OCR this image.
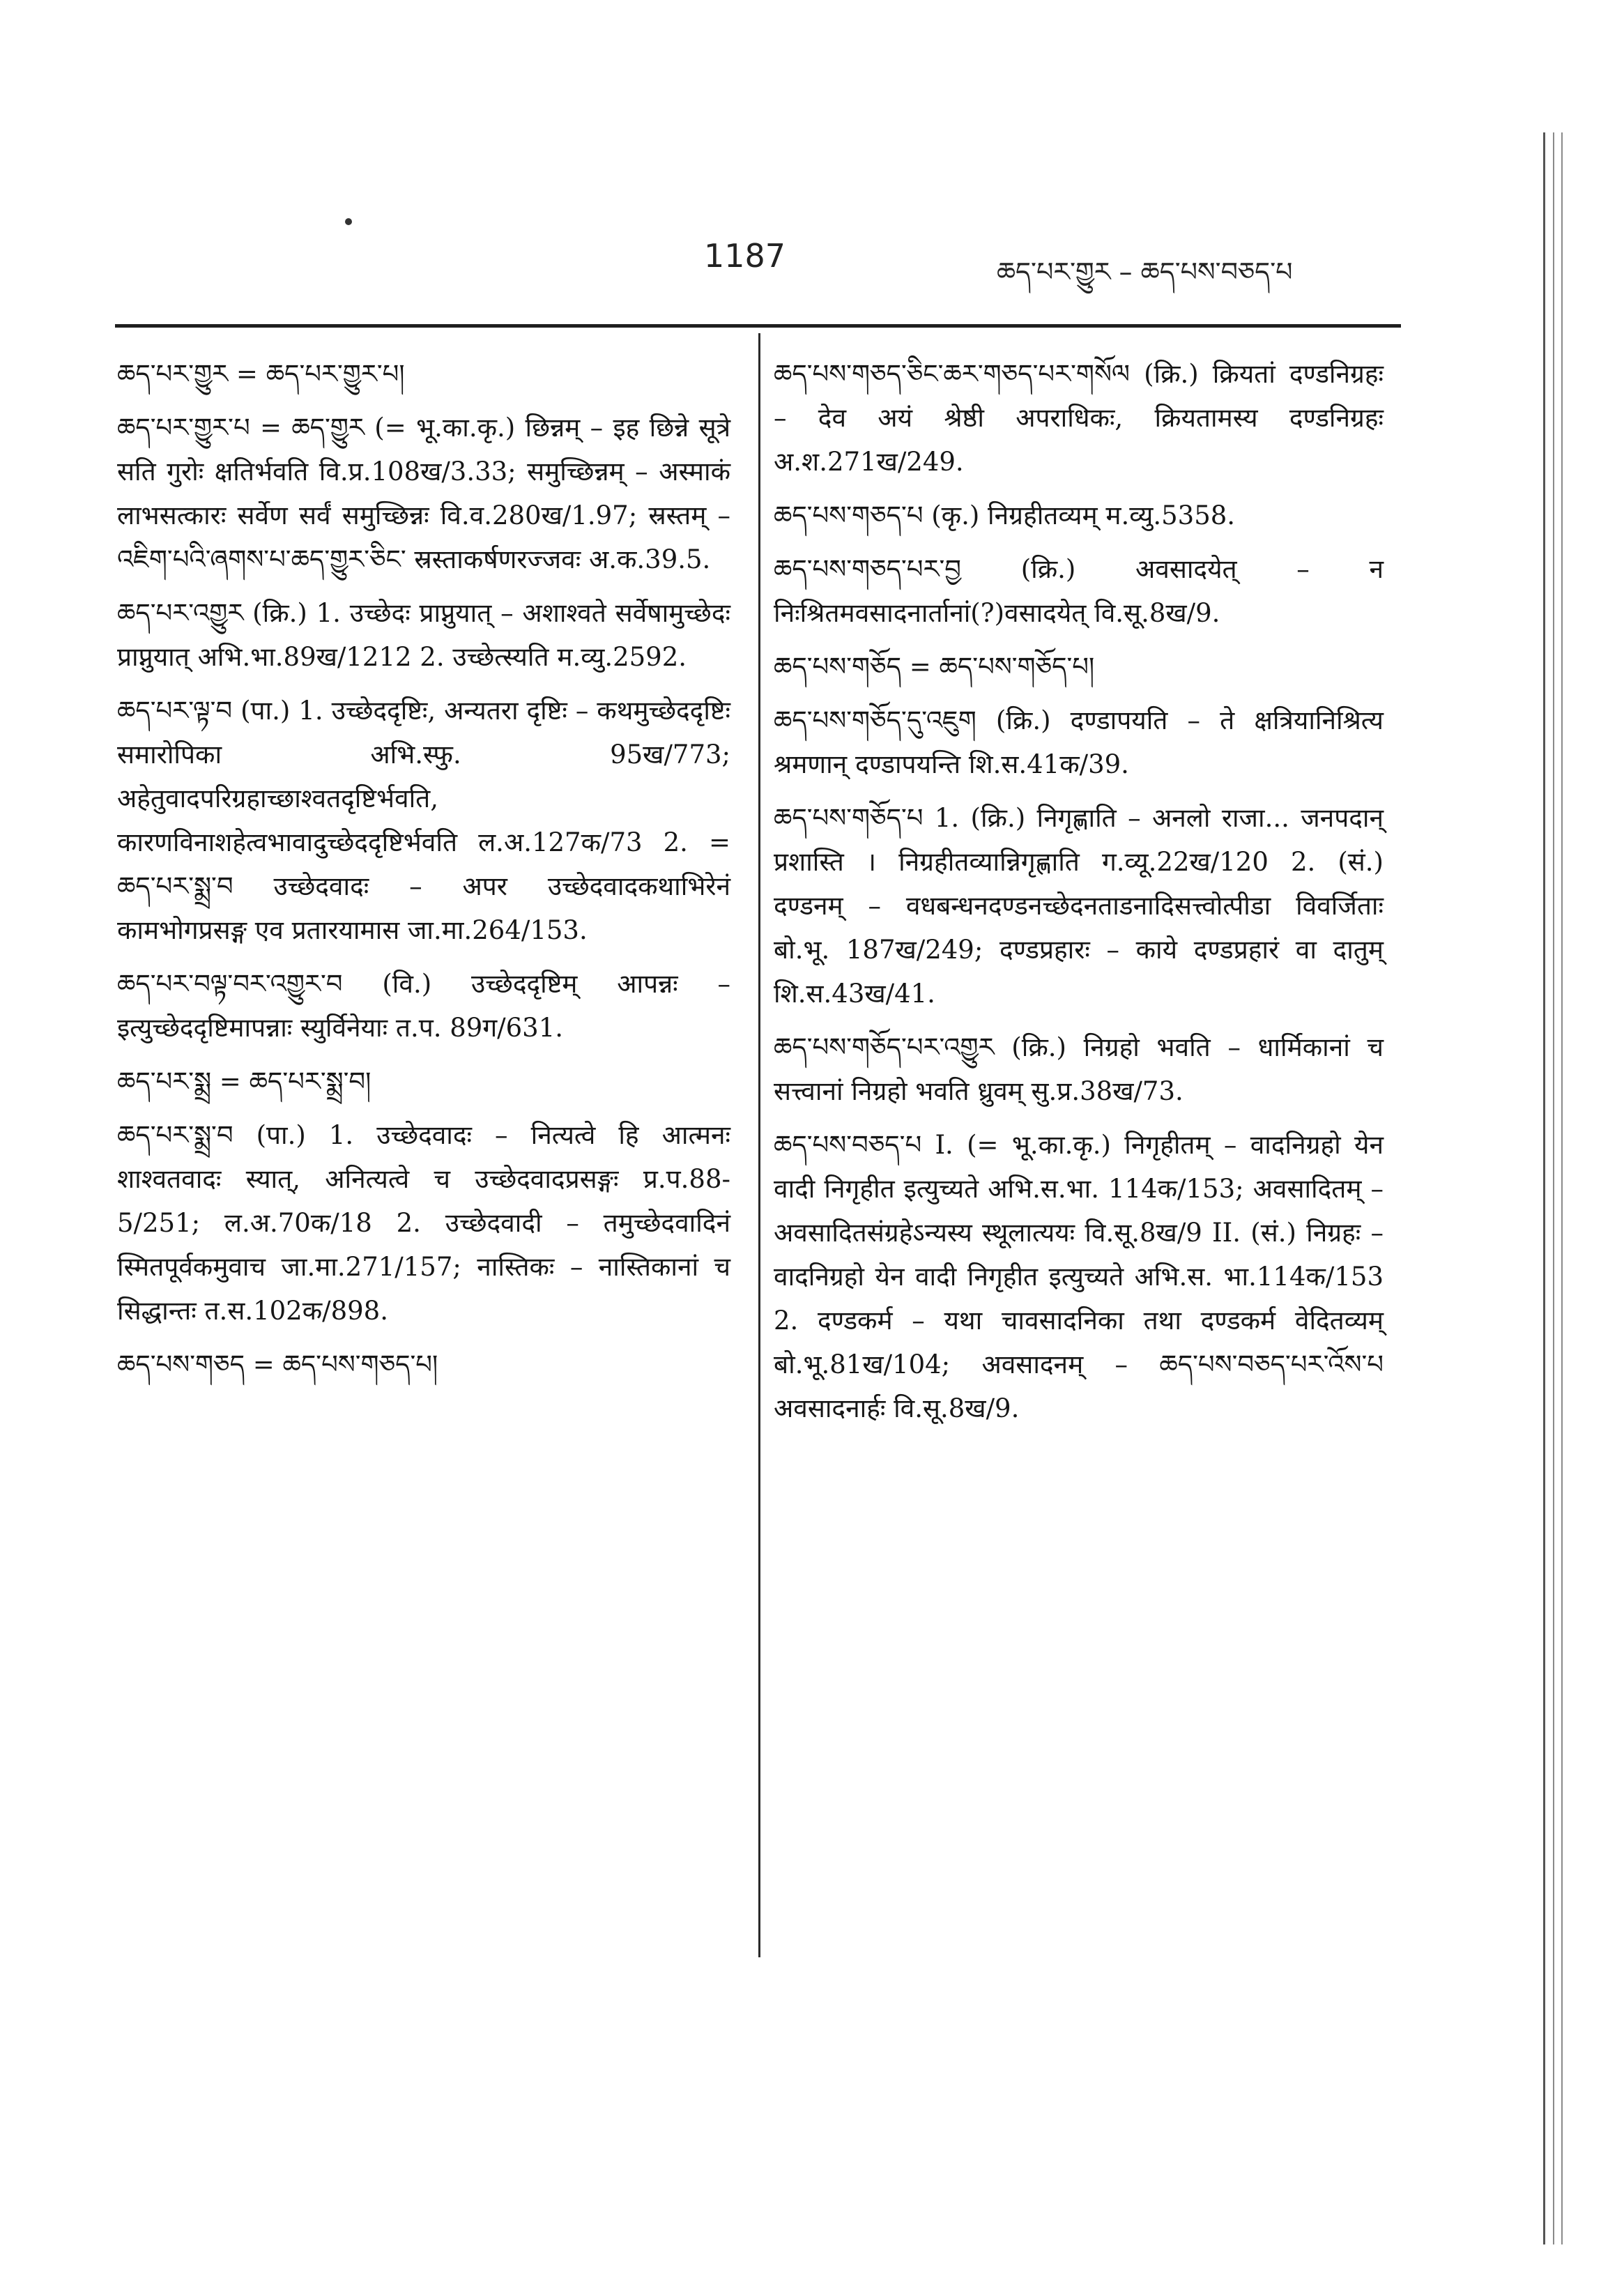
1187	ཆད་པར་གྱུར – ཆད་པས་བཅད་པ

ཆད་པར་གྱུར = ཆད་པར་གྱུར་པ།

ཆད་པར་གྱུར་པ = ཆད་གྱུར (= भू.का.कृ.) छिन्नम् – इह छिन्ने सूत्रे सति गुरोः क्षतिर्भवति वि.प्र.108ख/3.33; समुच्छिन्नम् – अस्माकं लाभसत्कारः सर्वेण सर्वं समुच्छिन्नः वि.व.280ख/1.97; स्रस्तम् – འཇིག་པའི་ཞགས་པ་ཆད་གྱུར་ཅིང་ स्रस्ताकर्षणरज्जवः अ.क.39.5.

ཆད་པར་འགྱུར (क्रि.) 1. उच्छेदः प्राप्नुयात् – अशाश्वते सर्वेषामुच्छेदः प्राप्नुयात् अभि.भा.89ख/1212 2. उच्छेत्स्यति म.व्यु.2592.

ཆད་པར་ལྟ་བ (पा.) 1. उच्छेददृष्टिः, अन्यतरा दृष्टिः – कथमुच्छेददृष्टिः समारोपिका अभि.स्फु. 95ख/773; अहेतुवादपरिग्रहाच्छाश्वतदृष्टिर्भवति, कारणविनाशहेत्वभावादुच्छेददृष्टिर्भवति ल.अ.127क/73 2. = ཆད་པར་སྨྲ་བ उच्छेदवादः – अपर उच्छेदवादकथाभिरेनं कामभोगप्रसङ्ग एव प्रतारयामास जा.मा.264/153.

ཆད་པར་བལྟ་བར་འགྱུར་བ (वि.) उच्छेददृष्टिम् आपन्नः – इत्युच्छेददृष्टिमापन्नाः स्युर्विनेयाः त.प. 89ग/631.

ཆད་པར་སྨྲ = ཆད་པར་སྨྲ་བ།

ཆད་པར་སྨྲ་བ (पा.) 1. उच्छेदवादः – नित्यत्वे हि आत्मनः शाश्वतवादः स्यात्, अनित्यत्वे च उच्छेदवादप्रसङ्गः प्र.प.88-5/251; ल.अ.70क/18 2. उच्छेदवादी – तमुच्छेदवादिनं स्मितपूर्वकमुवाच जा.मा.271/157; नास्तिकः – नास्तिकानां च सिद्धान्तः त.स.102क/898.

ཆད་པས་གཅད = ཆད་པས་གཅད་པ།

ཆད་པས་གཅད་ཅིང་ཆར་གཅད་པར་གསོལ (क्रि.) क्रियतां दण्डनिग्रहः – देव अयं श्रेष्ठी अपराधिकः, क्रियतामस्य दण्डनिग्रहः अ.श.271ख/249.

ཆད་པས་གཅད་པ (कृ.) निग्रहीतव्यम् म.व्यु.5358.

ཆད་པས་གཅད་པར་བྱ (क्रि.) अवसादयेत् – न निःश्रितमवसादनार्तानां(?)वसादयेत् वि.सू.8ख/9.

ཆད་པས་གཅོད = ཆད་པས་གཅོད་པ།

ཆད་པས་གཅོད་དུ་འཇུག (क्रि.) दण्डापयति – ते क्षत्रियानिश्रित्य श्रमणान् दण्डापयन्ति शि.स.41क/39.

ཆད་པས་གཅོད་པ 1. (क्रि.) निगृह्णाति – अनलो राजा... जनपदान् प्रशास्ति । निग्रहीतव्यान्निगृह्णाति ग.व्यू.22ख/120 2. (सं.) दण्डनम् – वधबन्धनदण्डनच्छेदनताडनादिसत्त्वोत्पीडा विवर्जिताः बो.भू. 187ख/249; दण्डप्रहारः – काये दण्डप्रहारं वा दातुम् शि.स.43ख/41.

ཆད་པས་གཅོད་པར་འགྱུར (क्रि.) निग्रहो भवति – धार्मिकानां च सत्त्वानां निग्रहो भवति ध्रुवम् सु.प्र.38ख/73.

ཆད་པས་བཅད་པ I. (= भू.का.कृ.) निगृहीतम् – वादनिग्रहो येन वादी निगृहीत इत्युच्यते अभि.स.भा. 114क/153; अवसादितम् – अवसादितसंग्रहेऽन्यस्य स्थूलात्ययः वि.सू.8ख/9 II. (सं.) निग्रहः – वादनिग्रहो येन वादी निगृहीत इत्युच्यते अभि.स. भा.114क/153 2. दण्डकर्म – यथा चावसादनिका तथा दण्डकर्म वेदितव्यम् बो.भू.81ख/104; अवसादनम् – ཆད་པས་བཅད་པར་འོས་པ अवसादनार्हः वि.सू.8ख/9.
